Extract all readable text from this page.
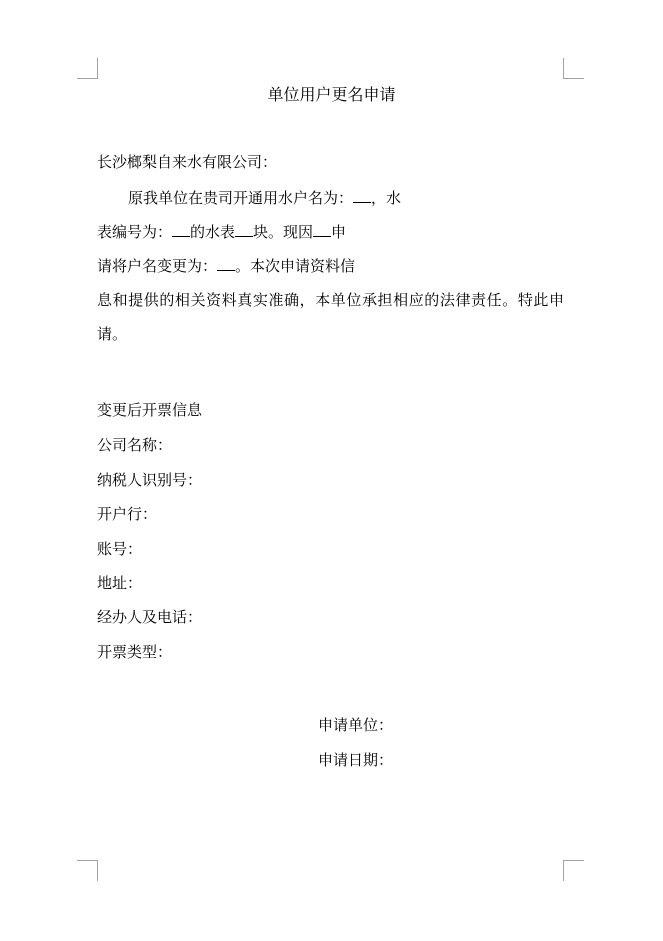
单位用户更名申请
长沙榔梨自来水有限公司：
原我单位在贵司开通用水户名为： ，水
表编号为： 的水表 块。现因 申
请将户名变更为： 。本次申请资料信
息和提供的相关资料真实准确，本单位承担相应的法律责任。特此申
请。
变更后开票信息
公司名称：
纳税人识别号：
开户行：
账号：
地址：
经办人及电话：
开票类型：
申请单位：
申请日期：
